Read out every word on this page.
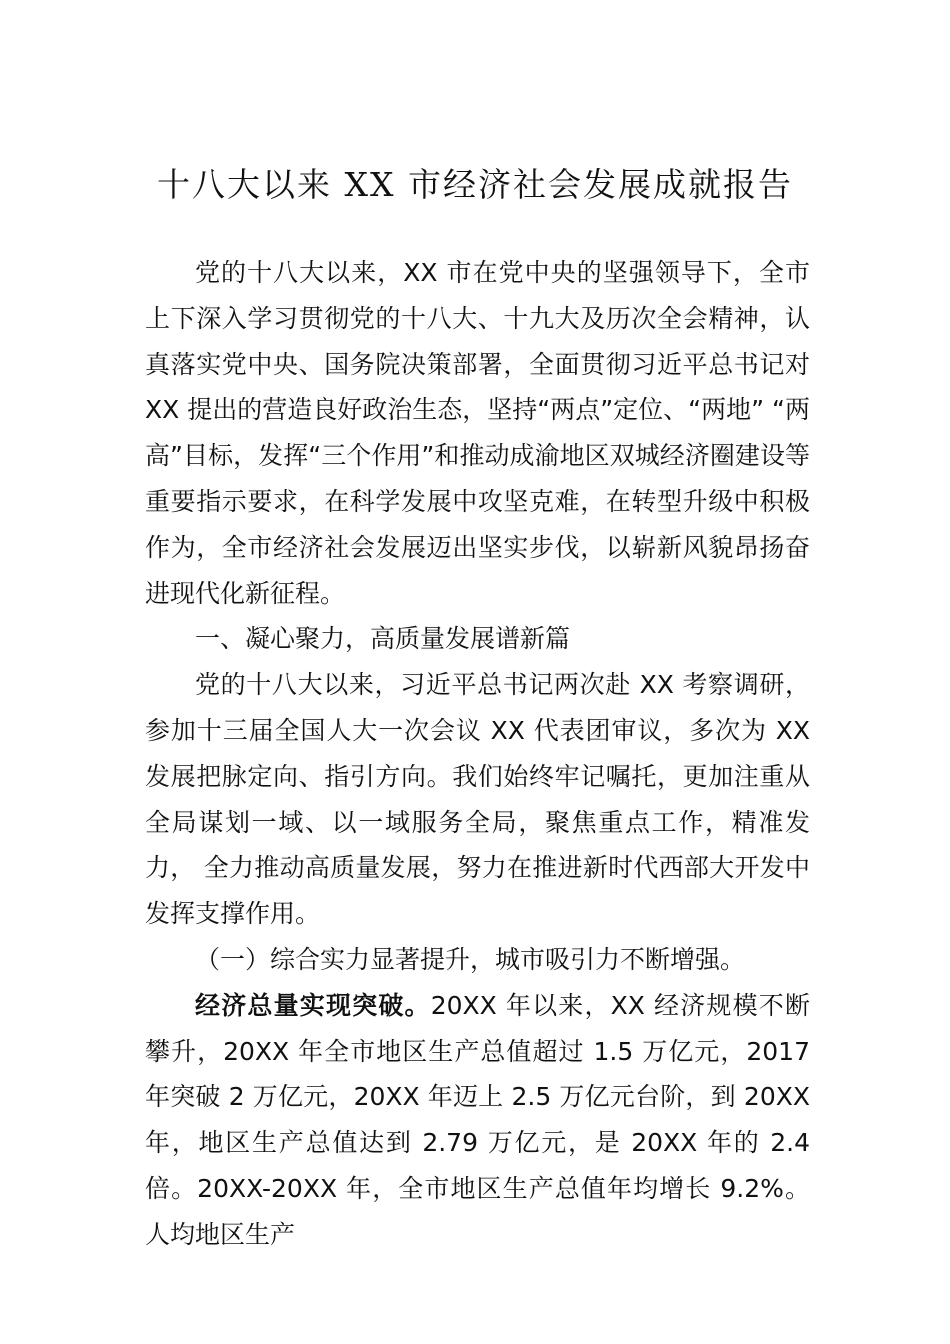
十八大以来 XX 市经济社会发展成就报告

党的十八大以来，XX 市在党中央的坚强领导下，全市上下深入学习贯彻党的十八大、十九大及历次全会精神，认真落实党中央、国务院决策部署，全面贯彻习近平总书记对 XX 提出的营造良好政治生态，坚持“两点”定位、“两地” “两高”目标，发挥“三个作用”和推动成渝地区双城经济圈建设等重要指示要求，在科学发展中攻坚克难，在转型升级中积极作为，全市经济社会发展迈出坚实步伐，以崭新风貌昂扬奋进现代化新征程。

一、凝心聚力，高质量发展谱新篇

党的十八大以来，习近平总书记两次赴 XX 考察调研，参加十三届全国人大一次会议 XX 代表团审议，多次为 XX 发展把脉定向、指引方向。我们始终牢记嘱托，更加注重从 全局谋划一域、以一域服务全局，聚焦重点工作，精准发力， 全力推动高质量发展，努力在推进新时代西部大开发中发挥支撑作用。

（一）综合实力显著提升，城市吸引力不断增强。

经济总量实现突破。20XX 年以来，XX 经济规模不断攀升，20XX 年全市地区生产总值超过 1.5 万亿元，2017 年突破 2 万亿元，20XX 年迈上 2.5 万亿元台阶，到 20XX 年，地区生产总值达到 2.79 万亿元，是 20XX 年的 2.4 倍。20XX-20XX 年，全市地区生产总值年均增长 9.2%。人均地区生产
